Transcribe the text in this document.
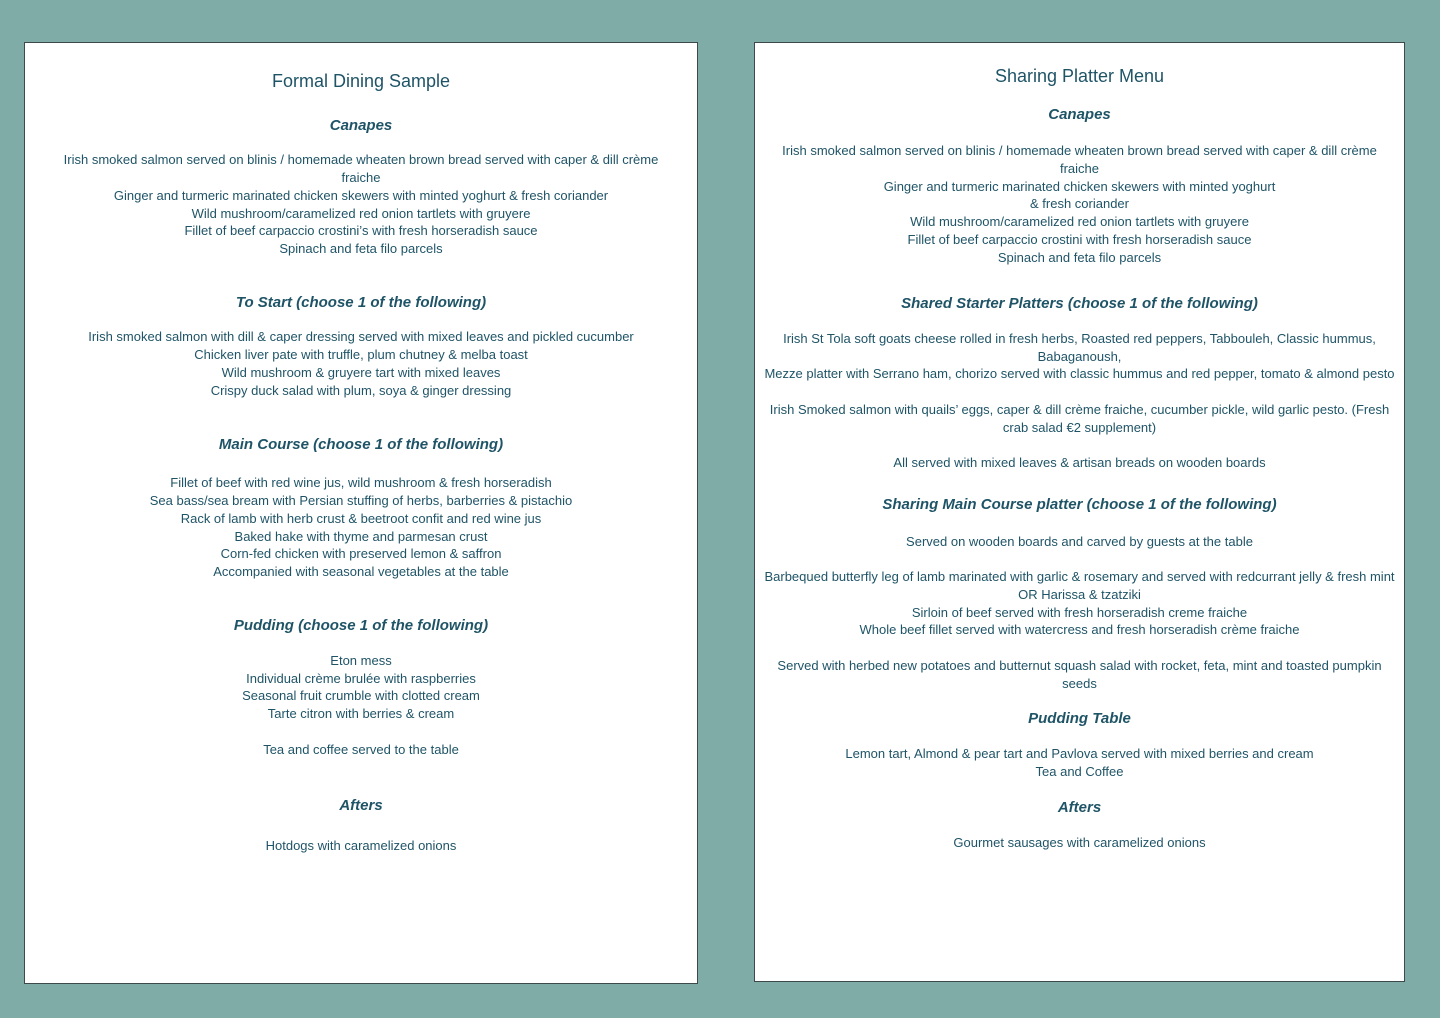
Formal Dining Sample
Canapes
Irish smoked salmon served on blinis / homemade wheaten brown bread served with caper & dill crème fraiche
Ginger and turmeric marinated chicken skewers with minted yoghurt & fresh coriander
Wild mushroom/caramelized red onion tartlets with gruyere
Fillet of beef carpaccio crostini’s with fresh horseradish sauce
Spinach and feta filo parcels
To Start (choose 1 of the following)
Irish smoked salmon with dill & caper dressing served with mixed leaves and pickled cucumber
Chicken liver pate with truffle, plum chutney & melba toast
Wild mushroom & gruyere tart with mixed leaves
Crispy duck salad with plum, soya & ginger dressing
Main Course (choose 1 of the following)
Fillet of beef with red wine jus, wild mushroom & fresh horseradish
Sea bass/sea bream with Persian stuffing of herbs, barberries & pistachio
Rack of lamb with herb crust & beetroot confit and red wine jus
Baked hake with thyme and parmesan crust
Corn-fed chicken with preserved lemon & saffron
Accompanied with seasonal vegetables at the table
Pudding (choose 1 of the following)
Eton mess
Individual crème brulée with raspberries
Seasonal fruit crumble with clotted cream
Tarte citron with berries & cream
Tea and coffee served to the table
Afters
Hotdogs with caramelized onions
Sharing Platter Menu
Canapes
Irish smoked salmon served on blinis / homemade wheaten brown bread served with caper & dill crème fraiche
Ginger and turmeric marinated chicken skewers with minted yoghurt
& fresh coriander
Wild mushroom/caramelized red onion tartlets with gruyere
Fillet of beef carpaccio crostini with fresh horseradish sauce
Spinach and feta filo parcels
Shared Starter Platters (choose 1 of the following)
Irish St Tola soft goats cheese rolled in fresh herbs, Roasted red peppers, Tabbouleh, Classic hummus, Babaganoush,
Mezze platter with Serrano ham, chorizo served with classic hummus and red pepper, tomato & almond pesto
Irish Smoked salmon with quails’ eggs, caper & dill crème fraiche, cucumber pickle, wild garlic pesto. (Fresh crab salad €2 supplement)
All served with mixed leaves & artisan breads on wooden boards
Sharing Main Course platter (choose 1 of the following)
Served on wooden boards and carved by guests at the table
Barbequed butterfly leg of lamb marinated with garlic & rosemary and served with redcurrant jelly & fresh mint OR Harissa & tzatziki
Sirloin of beef served with fresh horseradish creme fraiche
Whole beef fillet served with watercress and fresh horseradish crème fraiche
Served with herbed new potatoes and butternut squash salad with rocket, feta, mint and toasted pumpkin seeds
Pudding Table
Lemon tart, Almond & pear tart and Pavlova served with mixed berries and cream
Tea and Coffee
Afters
Gourmet sausages with caramelized onions
